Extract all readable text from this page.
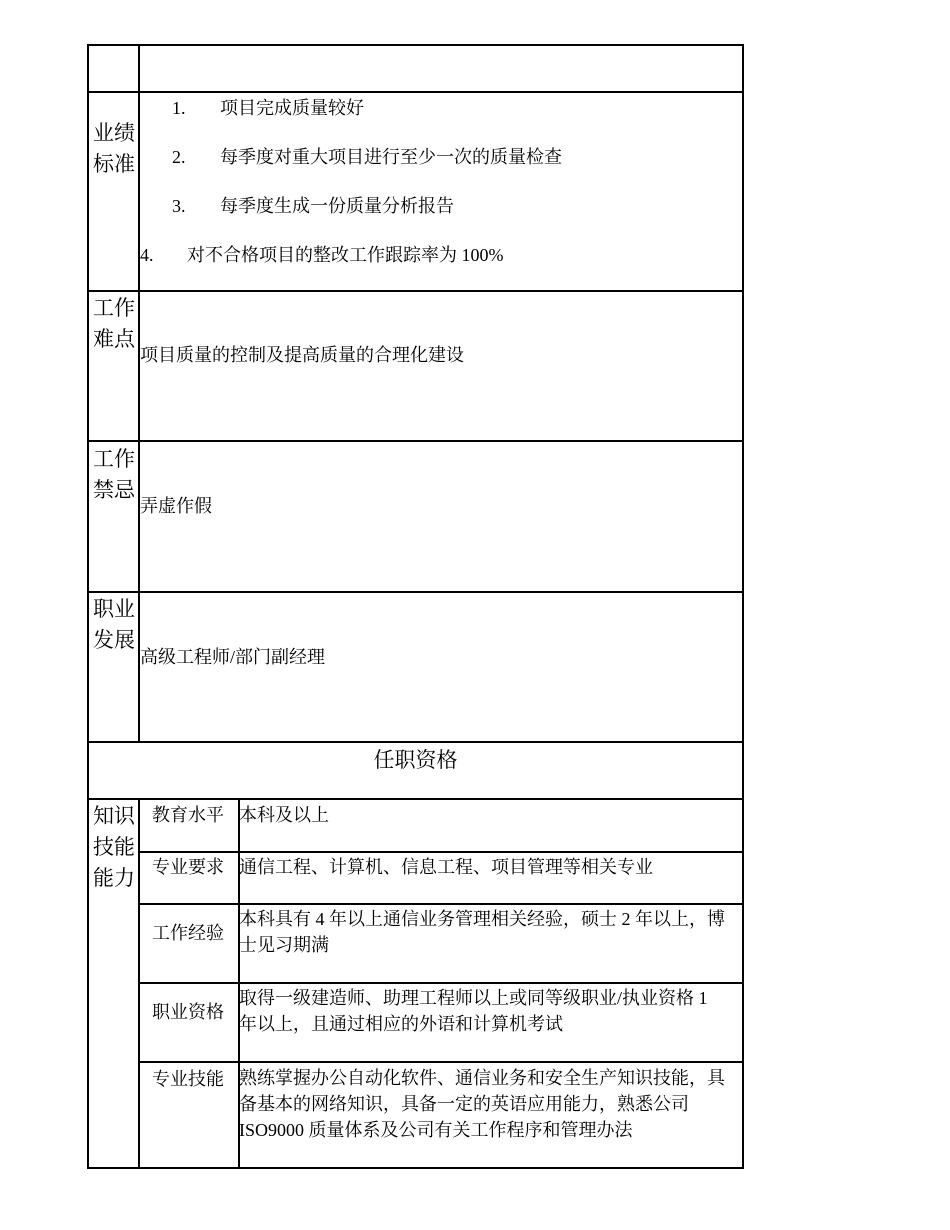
业绩标准
1. 项目完成质量较好
2. 每季度对重大项目进行至少一次的质量检查
3. 每季度生成一份质量分析报告
4. 对不合格项目的整改工作跟踪率为 100%
工作难点
项目质量的控制及提高质量的合理化建设
工作禁忌
弄虚作假
职业发展
高级工程师/部门副经理
任职资格
知识技能能力
教育水平 本科及以上
专业要求 通信工程、计算机、信息工程、项目管理等相关专业
工作经验
本科具有 4 年以上通信业务管理相关经验，硕士 2 年以上，博士见习期满
职业资格
取得一级建造师、助理工程师以上或同等级职业/执业资格 1 年以上，且通过相应的外语和计算机考试
专业技能 熟练掌握办公自动化软件、通信业务和安全生产知识技能，具备基本的网络知识，具备一定的英语应用能力，熟悉公司 ISO9000 质量体系及公司有关工作程序和管理办法
